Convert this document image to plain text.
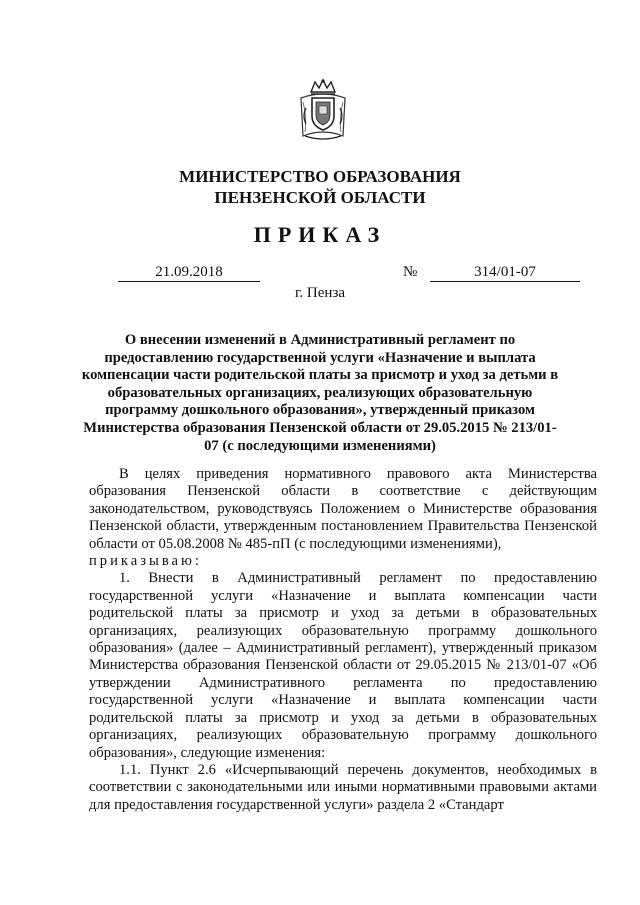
МИНИСТЕРСТВО ОБРАЗОВАНИЯ
ПЕНЗЕНСКОЙ ОБЛАСТИ
ПРИКАЗ
21.09.2018	№	314/01-07
г. Пенза
О внесении изменений в Административный регламент по предоставлению государственной услуги «Назначение и выплата компенсации части родительской платы за присмотр и уход за детьми в образовательных организациях, реализующих образовательную программу дошкольного образования», утвержденный приказом Министерства образования Пензенской области от 29.05.2015 № 213/01-07 (с последующими изменениями)

В целях приведения нормативного правового акта Министерства образования Пензенской области в соответствие с действующим законодательством, руководствуясь Положением о Министерстве образования Пензенской области, утвержденным постановлением Правительства Пензенской области от 05.08.2008 № 485-пП (с последующими изменениями),
приказываю:

1. Внести в Административный регламент по предоставлению государственной услуги «Назначение и выплата компенсации части родительской платы за присмотр и уход за детьми в образовательных организациях, реализующих образовательную программу дошкольного образования» (далее – Административный регламент), утвержденный приказом Министерства образования Пензенской области от 29.05.2015 № 213/01-07 «Об утверждении Административного регламента по предоставлению государственной услуги «Назначение и выплата компенсации части родительской платы за присмотр и уход за детьми в образовательных организациях, реализующих образовательную программу дошкольного образования», следующие изменения:

1.1. Пункт 2.6 «Исчерпывающий перечень документов, необходимых в соответствии с законодательными или иными нормативными правовыми актами для предоставления государственной услуги» раздела 2 «Стандарт
